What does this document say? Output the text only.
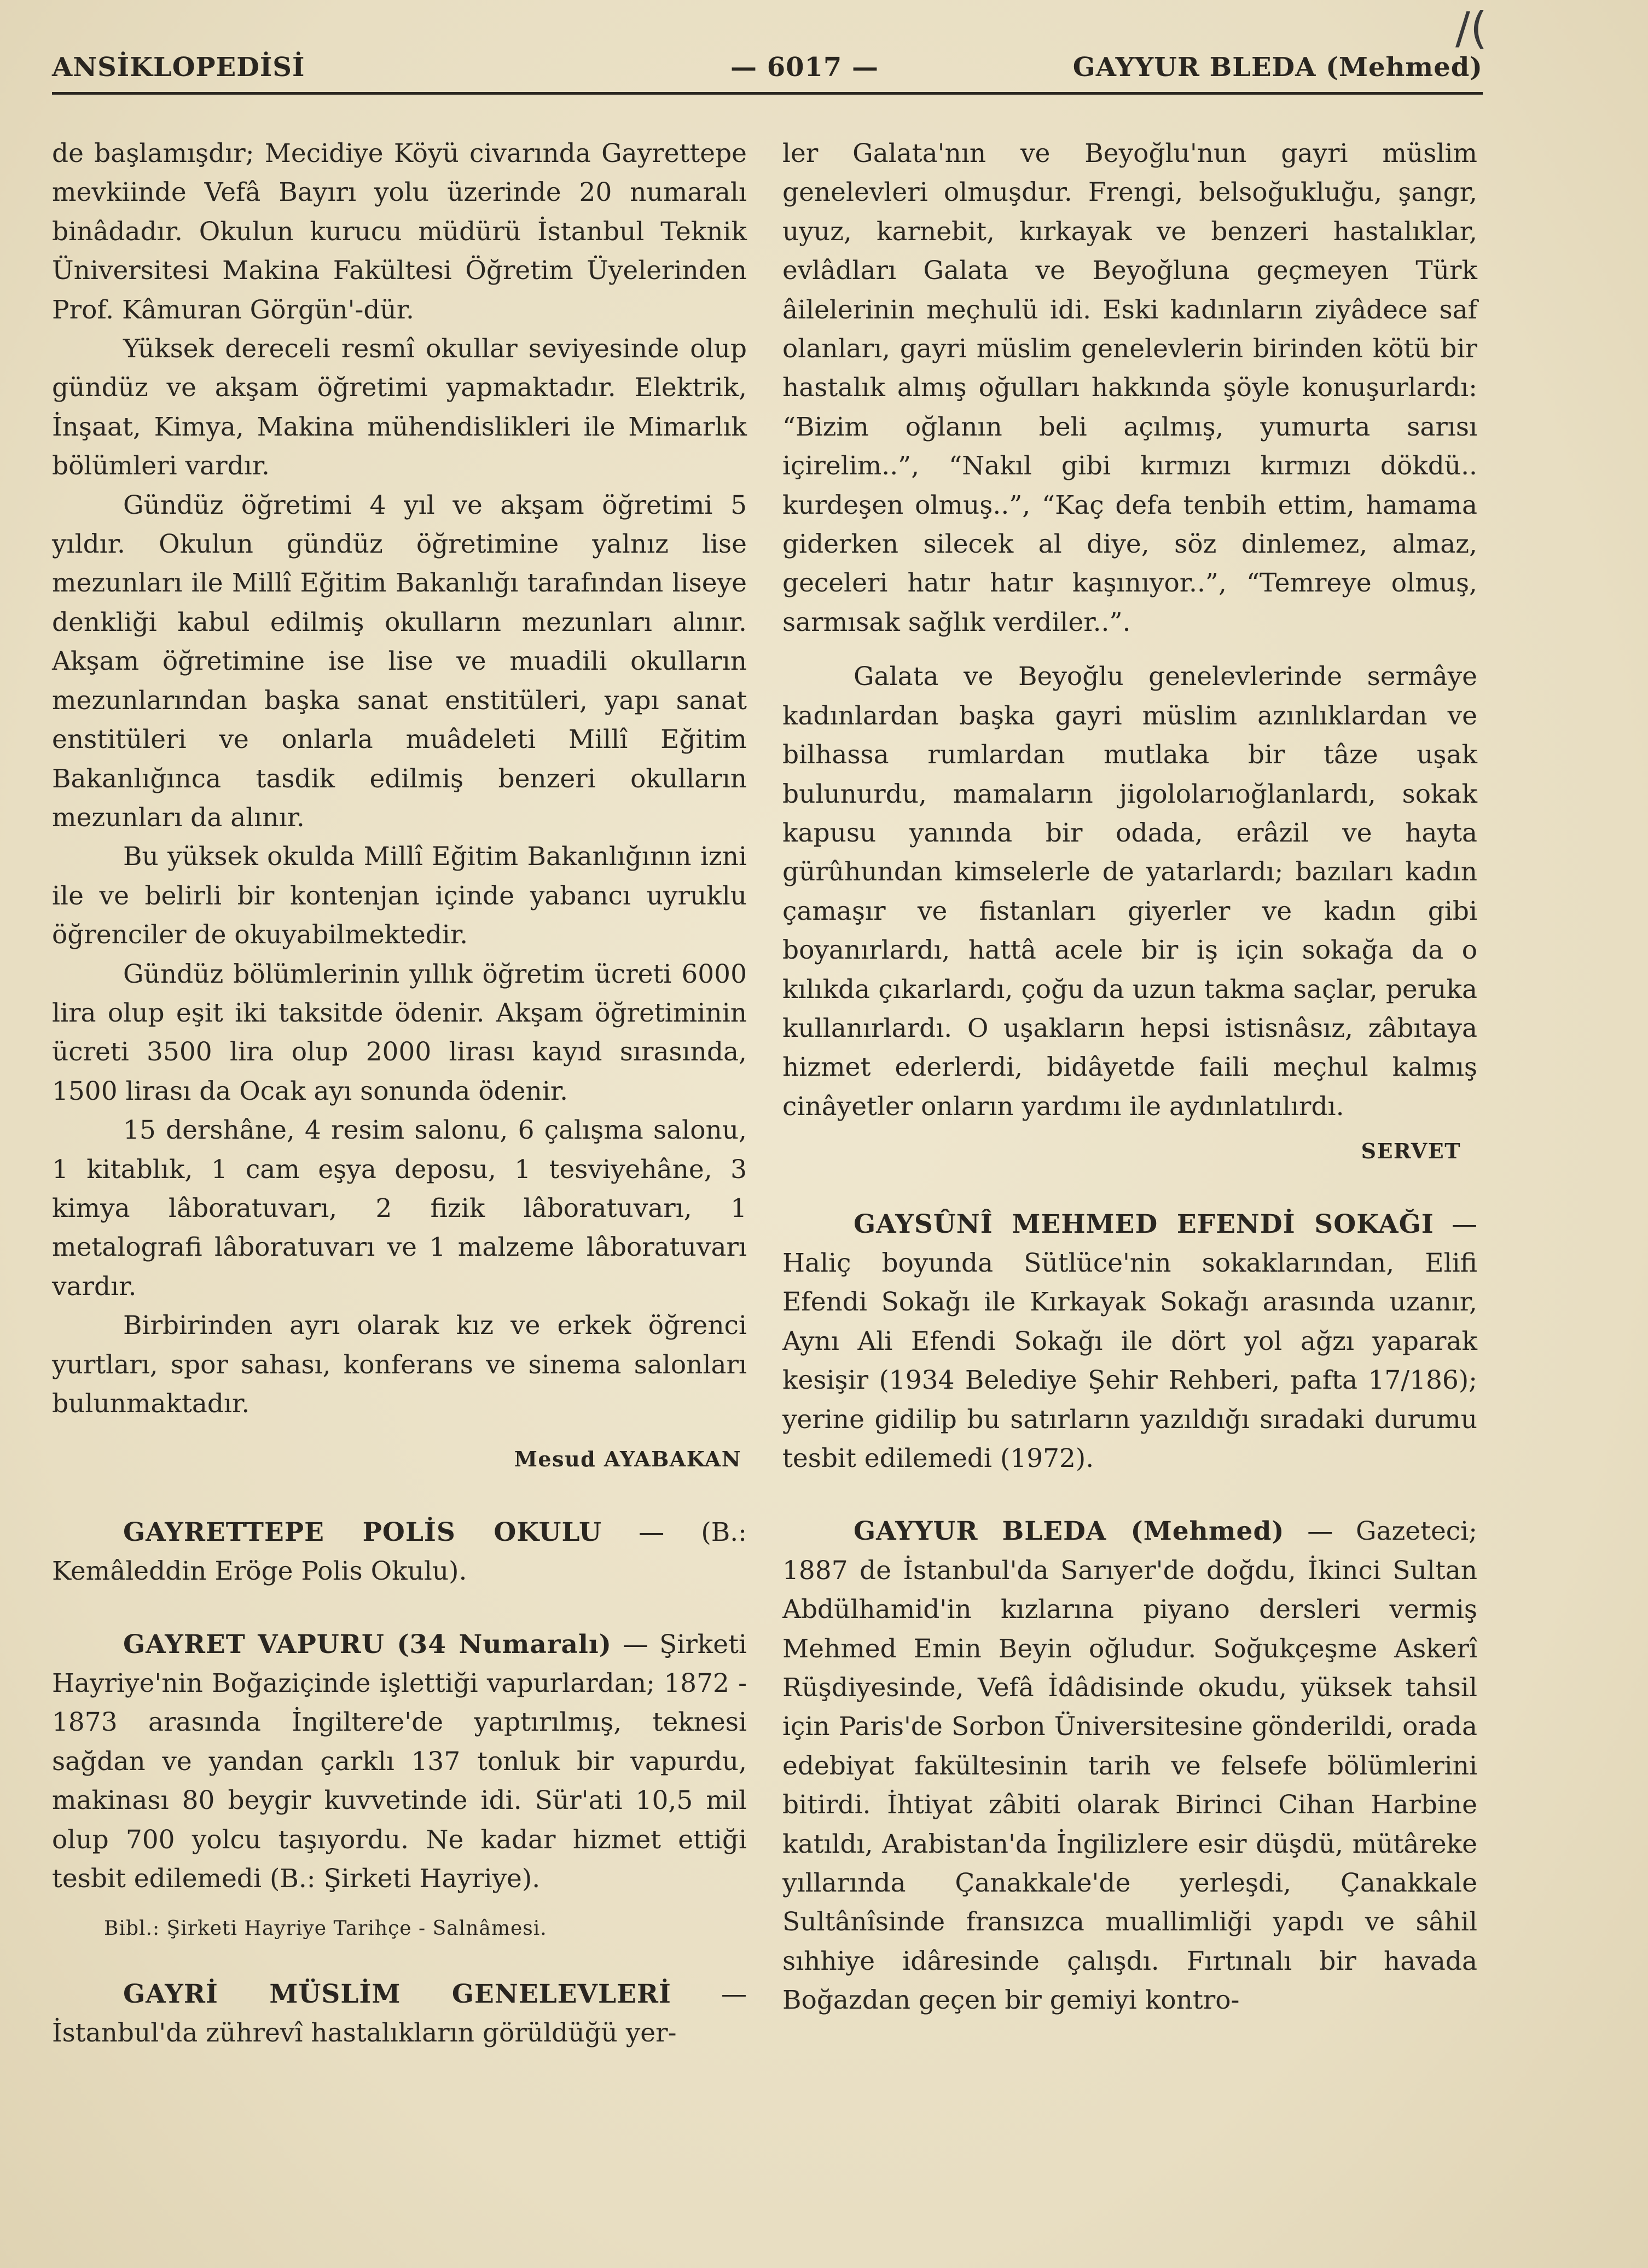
ANSİKLOPEDİSİ	— 6017 —	GAYYUR BLEDA (Mehmed)
/(

de başlamışdır; Mecidiye Köyü civarında Gayrettepe mevkiinde Vefâ Bayırı yolu üzerinde 20 numaralı binâdadır. Okulun kurucu müdürü İstanbul Teknik Üniversitesi Makina Fakültesi Öğretim Üyelerinden Prof. Kâmuran Görgün'-dür.

Yüksek dereceli resmî okullar seviyesinde olup gündüz ve akşam öğretimi yapmaktadır. Elektrik, İnşaat, Kimya, Makina mühendislikleri ile Mimarlık bölümleri vardır.

Gündüz öğretimi 4 yıl ve akşam öğretimi 5 yıldır. Okulun gündüz öğretimine yalnız lise mezunları ile Millî Eğitim Bakanlığı tarafından liseye denkliği kabul edilmiş okulların mezunları alınır. Akşam öğretimine ise lise ve muadili okulların mezunlarından başka sanat enstitüleri, yapı sanat enstitüleri ve onlarla muâdeleti Millî Eğitim Bakanlığınca tasdik edilmiş benzeri okulların mezunları da alınır.

Bu yüksek okulda Millî Eğitim Bakanlığının izni ile ve belirli bir kontenjan içinde yabancı uyruklu öğrenciler de okuyabilmektedir.

Gündüz bölümlerinin yıllık öğretim ücreti 6000 lira olup eşit iki taksitde ödenir. Akşam öğretiminin ücreti 3500 lira olup 2000 lirası kayıd sırasında, 1500 lirası da Ocak ayı sonunda ödenir.

15 dershâne, 4 resim salonu, 6 çalışma salonu, 1 kitablık, 1 cam eşya deposu, 1 tesviyehâne, 3 kimya lâboratuvarı, 2 fizik lâboratuvarı, 1 metalografi lâboratuvarı ve 1 malzeme lâboratuvarı vardır.

Birbirinden ayrı olarak kız ve erkek öğrenci yurtları, spor sahası, konferans ve sinema salonları bulunmaktadır.

Mesud AYABAKAN

GAYRETTEPE POLİS OKULU — (B.: Kemâleddin Eröge Polis Okulu).

GAYRET VAPURU (34 Numaralı) — Şirketi Hayriye'nin Boğaziçinde işlettiği vapurlardan; 1872 - 1873 arasında İngiltere'de yaptırılmış, teknesi sağdan ve yandan çarklı 137 tonluk bir vapurdu, makinası 80 beygir kuvvetinde idi. Sür'ati 10,5 mil olup 700 yolcu taşıyordu. Ne kadar hizmet ettiği tesbit edilemedi (B.: Şirketi Hayriye).

Bibl.: Şirketi Hayriye Tarihçe - Salnâmesi.

GAYRİ MÜSLİM GENELEVLERİ — İstanbul'da zührevî hastalıkların görüldüğü yer-

ler Galata'nın ve Beyoğlu'nun gayri müslim genelevleri olmuşdur. Frengi, belsoğukluğu, şangr, uyuz, karnebit, kırkayak ve benzeri hastalıklar, evlâdları Galata ve Beyoğluna geçmeyen Türk âilelerinin meçhulü idi. Eski kadınların ziyâdece saf olanları, gayri müslim genelevlerin birinden kötü bir hastalık almış oğulları hakkında şöyle konuşurlardı: “Bizim oğlanın beli açılmış, yumurta sarısı içirelim..”, “Nakıl gibi kırmızı kırmızı dökdü.. kurdeşen olmuş..”, “Kaç defa tenbih ettim, hamama giderken silecek al diye, söz dinlemez, almaz, geceleri hatır hatır kaşınıyor..”, “Temreye olmuş, sarmısak sağlık verdiler..”.

Galata ve Beyoğlu genelevlerinde sermâye kadınlardan başka gayri müslim azınlıklardan ve bilhassa rumlardan mutlaka bir tâze uşak bulunurdu, mamaların jigololarıoğlanlardı, sokak kapusu yanında bir odada, erâzil ve hayta gürûhundan kimselerle de yatarlardı; bazıları kadın çamaşır ve fistanları giyerler ve kadın gibi boyanırlardı, hattâ acele bir iş için sokağa da o kılıkda çıkarlardı, çoğu da uzun takma saçlar, peruka kullanırlardı. O uşakların hepsi istisnâsız, zâbıtaya hizmet ederlerdi, bidâyetde faili meçhul kalmış cinâyetler onların yardımı ile aydınlatılırdı.

SERVET

GAYSÛNÎ MEHMED EFENDİ SOKAĞI — Haliç boyunda Sütlüce'nin sokaklarından, Elifi Efendi Sokağı ile Kırkayak Sokağı arasında uzanır, Aynı Ali Efendi Sokağı ile dört yol ağzı yaparak kesişir (1934 Belediye Şehir Rehberi, pafta 17/186); yerine gidilip bu satırların yazıldığı sıradaki durumu tesbit edilemedi (1972).

GAYYUR BLEDA (Mehmed) — Gazeteci; 1887 de İstanbul'da Sarıyer'de doğdu, İkinci Sultan Abdülhamid'in kızlarına piyano dersleri vermiş Mehmed Emin Beyin oğludur. Soğukçeşme Askerî Rüşdiyesinde, Vefâ İdâdisinde okudu, yüksek tahsil için Paris'de Sorbon Üniversitesine gönderildi, orada edebiyat fakültesinin tarih ve felsefe bölümlerini bitirdi. İhtiyat zâbiti olarak Birinci Cihan Harbine katıldı, Arabistan'da İngilizlere esir düşdü, mütâreke yıllarında Çanakkale'de yerleşdi, Çanakkale Sultânîsinde fransızca muallimliği yapdı ve sâhil sıhhiye idâresinde çalışdı. Fırtınalı bir havada Boğazdan geçen bir gemiyi kontro-
